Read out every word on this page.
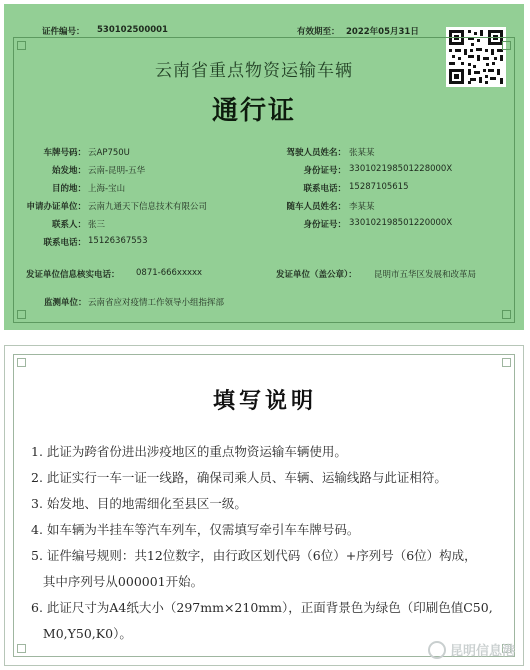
证件编号： 530102500001	有效期至： 2022年05月31日
云南省重点物资运输车辆
通行证
车牌号码： 云AP750U
始发地： 云南-昆明-五华
目的地： 上海-宝山
申请办证单位： 云南九通天下信息技术有限公司
联系人： 张三
联系电话： 15126367553
驾驶人员姓名： 张某某
身份证号： 330102198501228000X
联系电话： 15287105615
随车人员姓名： 李某某
身份证号： 330102198501220000X
发证单位信息核实电话： 0871-666xxxxx	发证单位（盖公章）： 昆明市五华区发展和改革局
监测单位： 云南省应对疫情工作领导小组指挥部
填写说明
1. 此证为跨省份进出涉疫地区的重点物资运输车辆使用。
2. 此证实行一车一证一线路，确保司乘人员、车辆、运输线路与此证相符。
3. 始发地、目的地需细化至县区一级。
4. 如车辆为半挂车等汽车列车，仅需填写牵引车车牌号码。
5. 证件编号规则：共12位数字，由行政区划代码（6位）+序列号（6位）构成，
其中序列号从000001开始。
6. 此证尺寸为A4纸大小（297mm×210mm），正面背景色为绿色（印刷色值C50,
M0,Y50,K0）。
昆明信息港
